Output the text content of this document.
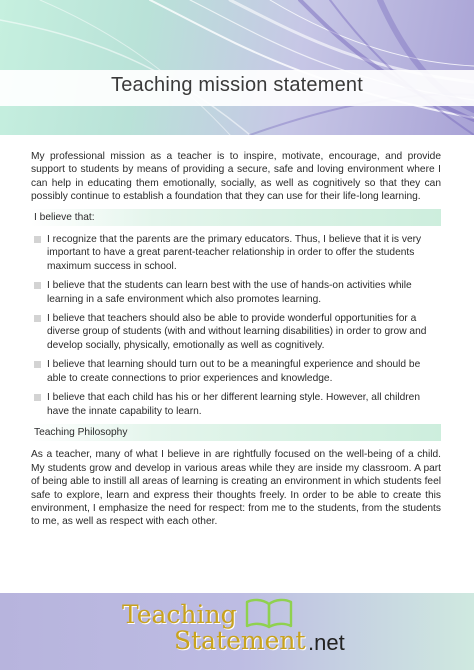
Teaching mission statement

My professional mission as a teacher is to inspire, motivate, encourage, and provide support to students by means of providing a secure, safe and loving environment where I can help in educating them emotionally, socially, as well as cognitively so that they can possibly continue to establish a foundation that they can use for their life-long learning.

I believe that:
I recognize that the parents are the primary educators. Thus, I believe that it is very important to have a great parent-teacher relationship in order to offer the students maximum success in school.
I believe that the students can learn best with the use of hands-on activities while learning in a safe environment which also promotes learning.
I believe that teachers should also be able to provide wonderful opportunities for a diverse group of students (with and without learning disabilities) in order to grow and develop socially, physically, emotionally as well as cognitively.
I believe that learning should turn out to be a meaningful experience and should be able to create connections to prior experiences and knowledge.
I believe that each child has his or her different learning style. However, all children have the innate capability to learn.
Teaching Philosophy

As a teacher, many of what I believe in are rightfully focused on the well-being of a child. My students grow and develop in various areas while they are inside my classroom. A part of being able to instill all areas of learning is creating an environment in which students feel safe to explore, learn and express their thoughts freely. In order to be able to create this environment, I emphasize the need for respect: from me to the students, from the students to me, as well as respect with each other.

Teaching
Statement .net
